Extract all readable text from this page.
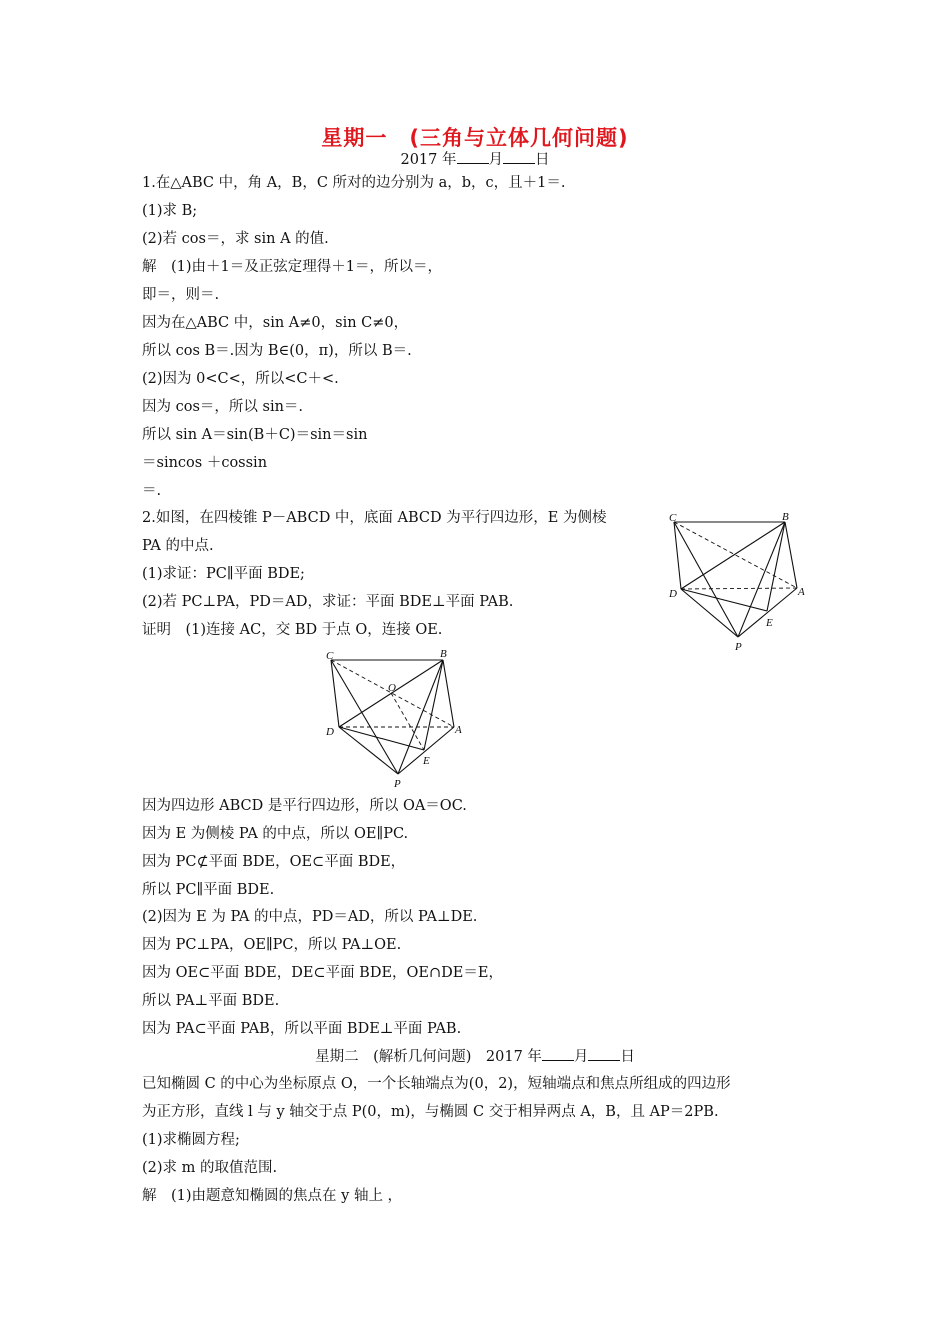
星期一　(三角与立体几何问题)
2017 年 月 日
1.在△ABC 中，角 A，B，C 所对的边分别为 a，b，c，且＋1＝.
(1)求 B;
(2)若 cos＝，求 sin A 的值.
解　(1)由＋1＝及正弦定理得＋1＝，所以＝，
即＝，则＝.
因为在△ABC 中，sin A≠0，sin C≠0，
所以 cos B＝.因为 B∈(0，π)，所以 B＝.
(2)因为 0<C<，所以<C＋<.
因为 cos＝，所以 sin＝.
所以 sin A＝sin(B＋C)＝sin＝sin
＝sincos ＋cossin
＝.
2.如图，在四棱锥 P－ABCD 中，底面 ABCD 为平行四边形，E 为侧棱
PA 的中点.
(1)求证：PC∥平面 BDE;
(2)若 PC⊥PA，PD＝AD，求证：平面 BDE⊥平面 PAB.
证明　(1)连接 AC，交 BD 于点 O，连接 OE.
C	B
D	A
E
P
C	B
O
D	A
E
P
因为四边形 ABCD 是平行四边形，所以 OA＝OC.
因为 E 为侧棱 PA 的中点，所以 OE∥PC.
因为 PC⊄平面 BDE，OE⊂平面 BDE，
所以 PC∥平面 BDE.
(2)因为 E 为 PA 的中点，PD＝AD，所以 PA⊥DE.
因为 PC⊥PA，OE∥PC，所以 PA⊥OE.
因为 OE⊂平面 BDE，DE⊂平面 BDE，OE∩DE＝E，
所以 PA⊥平面 BDE.
因为 PA⊂平面 PAB，所以平面 BDE⊥平面 PAB.
星期二　(解析几何问题)　2017 年 月 日
已知椭圆 C 的中心为坐标原点 O，一个长轴端点为(0，2)，短轴端点和焦点所组成的四边形
为正方形，直线 l 与 y 轴交于点 P(0，m)，与椭圆 C 交于相异两点 A，B，且 AP＝2PB.
(1)求椭圆方程;
(2)求 m 的取值范围.
解　(1)由题意知椭圆的焦点在 y 轴上 ，
